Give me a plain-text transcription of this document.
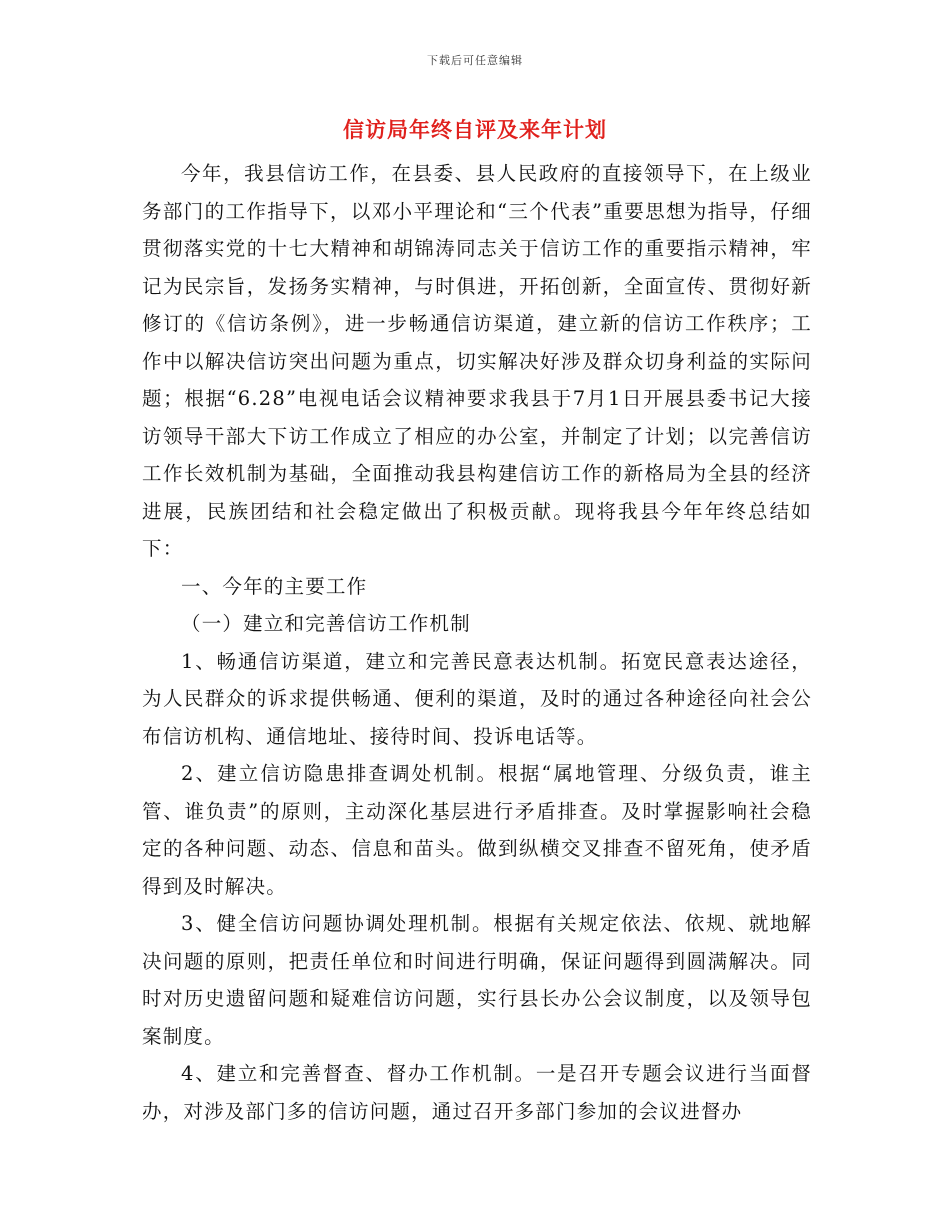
下载后可任意编辑
信访局年终自评及来年计划

今年，我县信访工作，在县委、县人民政府的直接领导下，在上级业务部门的工作指导下，以邓小平理论和“三个代表”重要思想为指导，仔细贯彻落实党的十七大精神和胡锦涛同志关于信访工作的重要指示精神，牢记为民宗旨，发扬务实精神，与时俱进，开拓创新，全面宣传、贯彻好新修订的《信访条例》，进一步畅通信访渠道，建立新的信访工作秩序；工作中以解决信访突出问题为重点，切实解决好涉及群众切身利益的实际问题；根据“6.28”电视电话会议精神要求我县于7月1日开展县委书记大接访领导干部大下访工作成立了相应的办公室，并制定了计划；以完善信访工作长效机制为基础，全面推动我县构建信访工作的新格局为全县的经济进展，民族团结和社会稳定做出了积极贡献。现将我县今年年终总结如下：

一、今年的主要工作

（一）建立和完善信访工作机制

1、畅通信访渠道，建立和完善民意表达机制。拓宽民意表达途径，为人民群众的诉求提供畅通、便利的渠道，及时的通过各种途径向社会公布信访机构、通信地址、接待时间、投诉电话等。

2、建立信访隐患排查调处机制。根据“属地管理、分级负责，谁主管、谁负责”的原则，主动深化基层进行矛盾排查。及时掌握影响社会稳定的各种问题、动态、信息和苗头。做到纵横交叉排查不留死角，使矛盾得到及时解决。

3、健全信访问题协调处理机制。根据有关规定依法、依规、就地解决问题的原则，把责任单位和时间进行明确，保证问题得到圆满解决。同时对历史遗留问题和疑难信访问题，实行县长办公会议制度，以及领导包案制度。

4、建立和完善督查、督办工作机制。一是召开专题会议进行当面督办，对涉及部门多的信访问题，通过召开多部门参加的会议进督办
